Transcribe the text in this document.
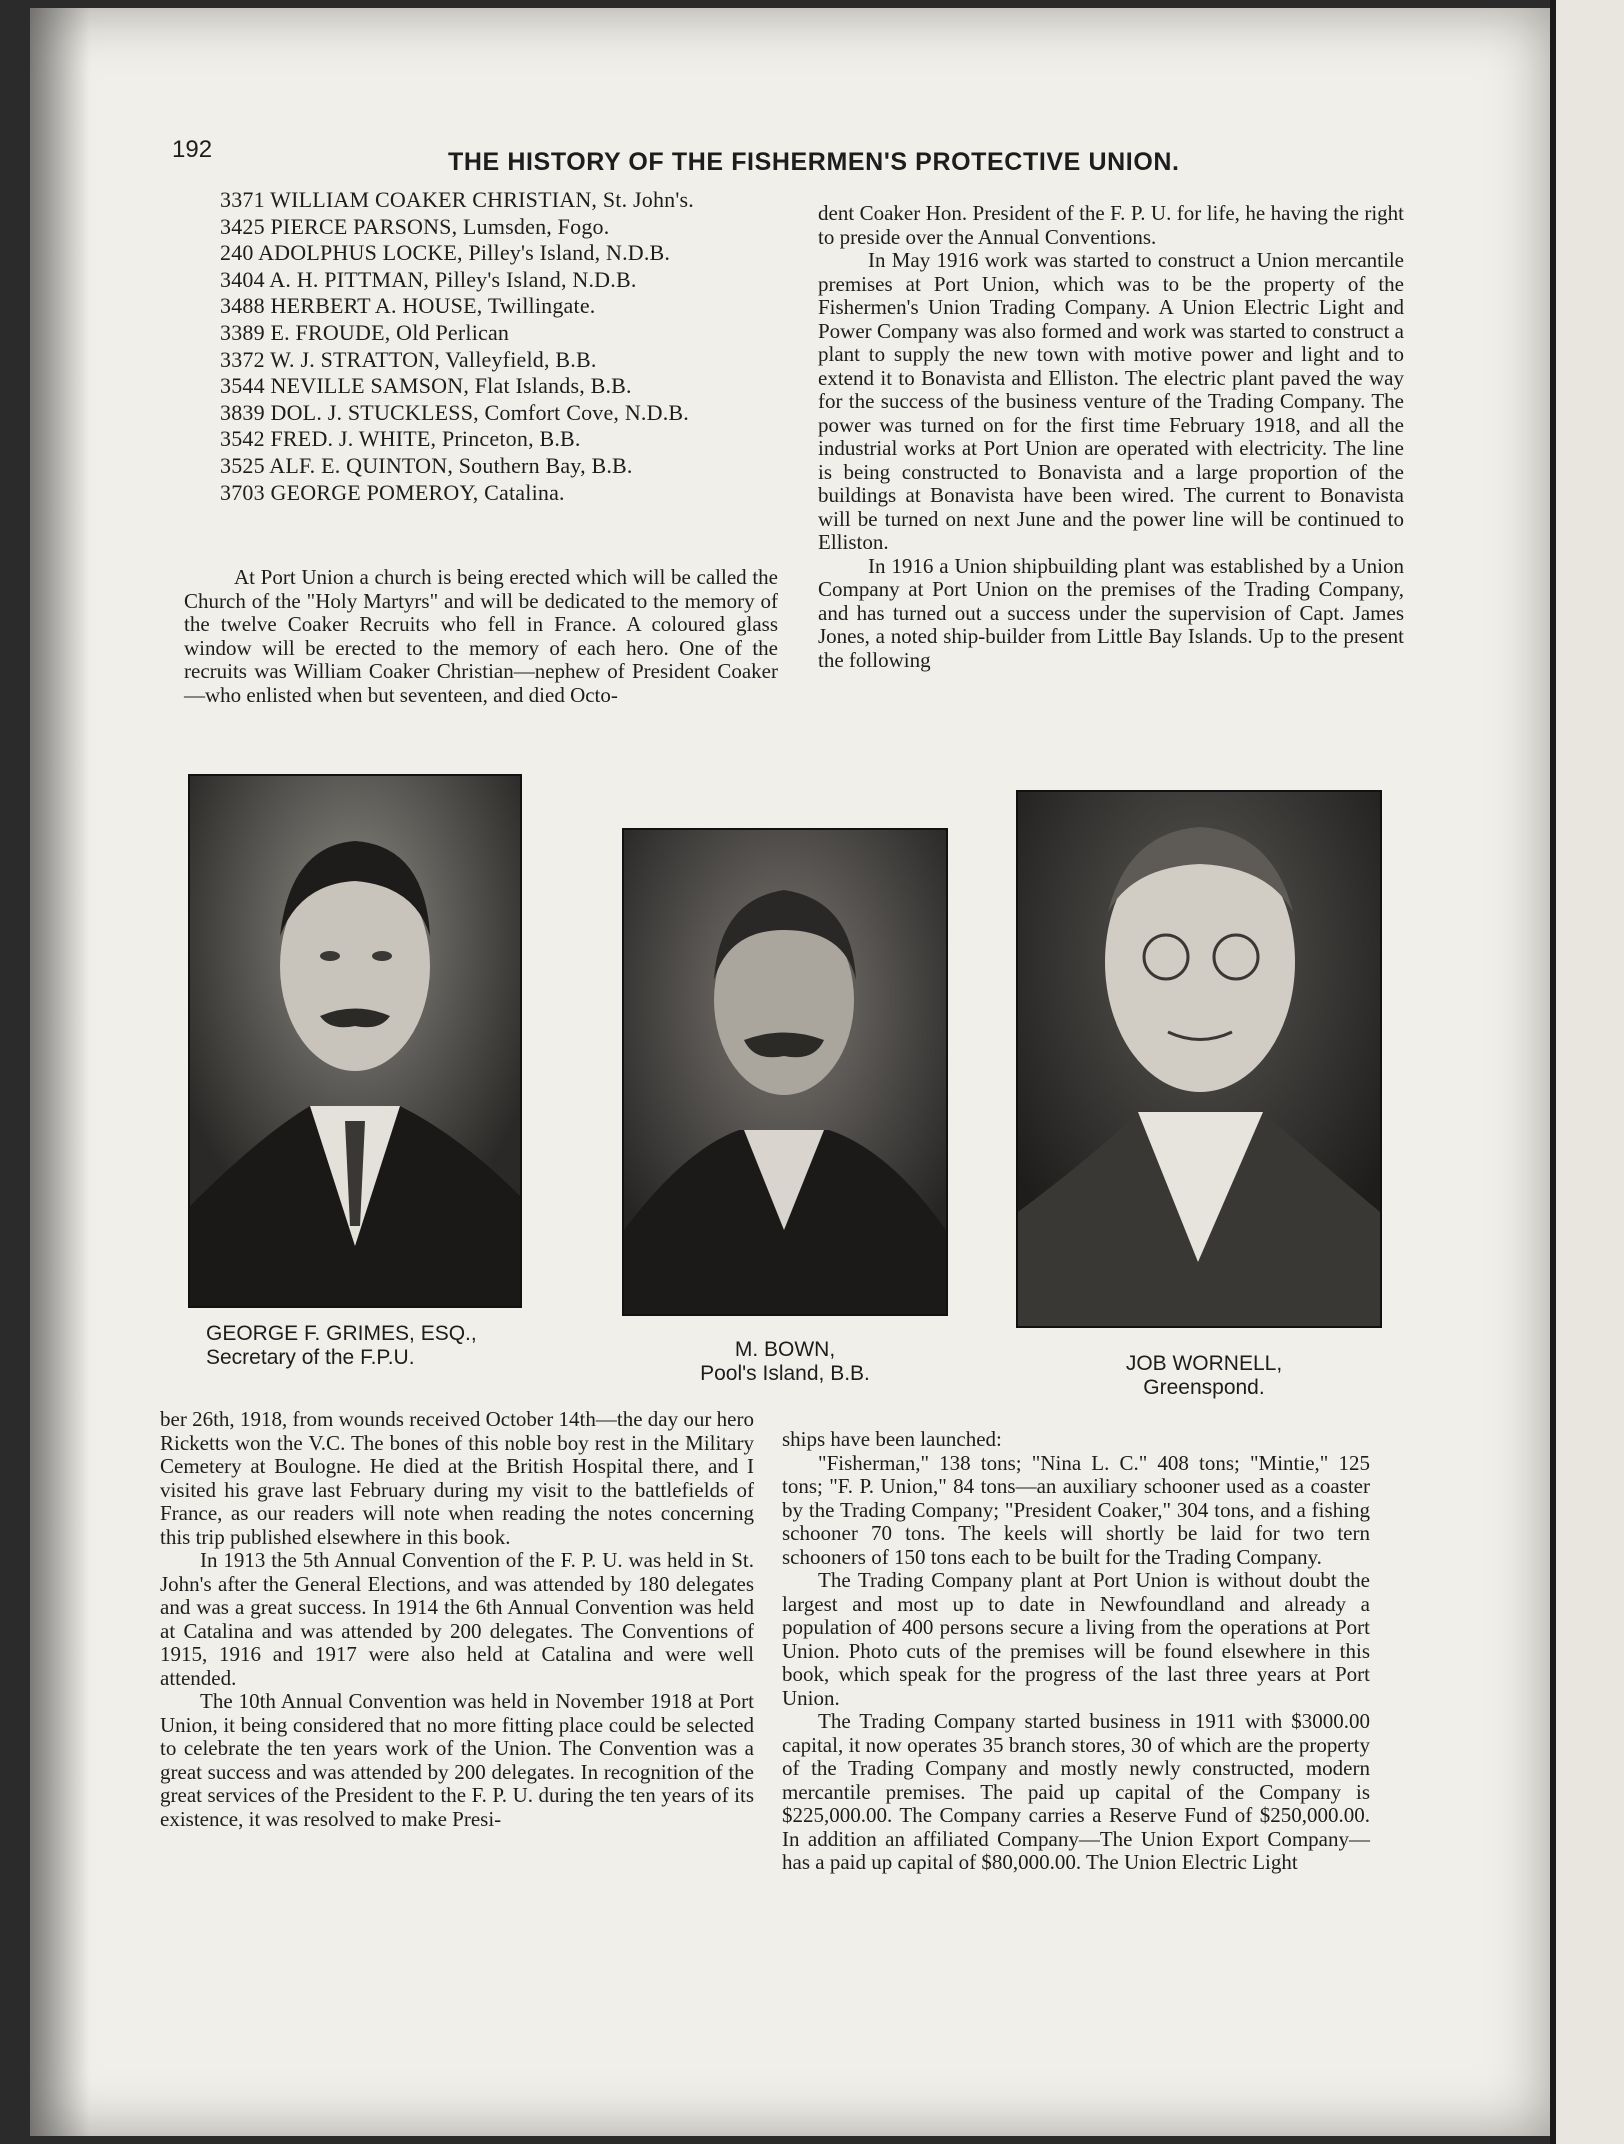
192	THE HISTORY OF THE FISHERMEN'S PROTECTIVE UNION.
3371 WILLIAM COAKER CHRISTIAN, St. John's.
3425 PIERCE PARSONS, Lumsden, Fogo.
240 ADOLPHUS LOCKE, Pilley's Island, N.D.B.
3404 A. H. PITTMAN, Pilley's Island, N.D.B.
3488 HERBERT A. HOUSE, Twillingate.
3389 E. FROUDE, Old Perlican
3372 W. J. STRATTON, Valleyfield, B.B.
3544 NEVILLE SAMSON, Flat Islands, B.B.
3839 DOL. J. STUCKLESS, Comfort Cove, N.D.B.
3542 FRED. J. WHITE, Princeton, B.B.
3525 ALF. E. QUINTON, Southern Bay, B.B.
3703 GEORGE POMEROY, Catalina.
At Port Union a church is being erected which will be called the Church of the "Holy Martyrs" and will be dedicated to the memory of the twelve Coaker Recruits who fell in France. A coloured glass window will be erected to the memory of each hero. One of the recruits was William Coaker Christian—nephew of President Coaker—who enlisted when but seventeen, and died Octo-

dent Coaker Hon. President of the F. P. U. for life, he having the right to preside over the Annual Conventions.

In May 1916 work was started to construct a Union mercantile premises at Port Union, which was to be the property of the Fishermen's Union Trading Company. A Union Electric Light and Power Company was also formed and work was started to construct a plant to supply the new town with motive power and light and to extend it to Bonavista and Elliston. The electric plant paved the way for the success of the business venture of the Trading Company. The power was turned on for the first time February 1918, and all the industrial works at Port Union are operated with electricity. The line is being constructed to Bonavista and a large proportion of the buildings at Bonavista have been wired. The current to Bonavista will be turned on next June and the power line will be continued to Elliston.

In 1916 a Union shipbuilding plant was established by a Union Company at Port Union on the premises of the Trading Company, and has turned out a success under the supervision of Capt. James Jones, a noted ship-builder from Little Bay Islands. Up to the present the following

GEORGE F. GRIMES, ESQ.,
Secretary of the F.P.U.	M. BOWN,
Pool's Island, B.B.	JOB WORNELL,
Greenspond.

ber 26th, 1918, from wounds received October 14th—the day our hero Ricketts won the V.C. The bones of this noble boy rest in the Military Cemetery at Boulogne. He died at the British Hospital there, and I visited his grave last February during my visit to the battlefields of France, as our readers will note when reading the notes concerning this trip published elsewhere in this book.

In 1913 the 5th Annual Convention of the F. P. U. was held in St. John's after the General Elections, and was attended by 180 delegates and was a great success. In 1914 the 6th Annual Convention was held at Catalina and was attended by 200 delegates. The Conventions of 1915, 1916 and 1917 were also held at Catalina and were well attended.

The 10th Annual Convention was held in November 1918 at Port Union, it being considered that no more fitting place could be selected to celebrate the ten years work of the Union. The Convention was a great success and was attended by 200 delegates. In recognition of the great services of the President to the F. P. U. during the ten years of its existence, it was resolved to make Presi-

ships have been launched:

"Fisherman," 138 tons; "Nina L. C." 408 tons; "Mintie," 125 tons; "F. P. Union," 84 tons—an auxiliary schooner used as a coaster by the Trading Company; "President Coaker," 304 tons, and a fishing schooner 70 tons. The keels will shortly be laid for two tern schooners of 150 tons each to be built for the Trading Company.

The Trading Company plant at Port Union is without doubt the largest and most up to date in Newfoundland and already a population of 400 persons secure a living from the operations at Port Union. Photo cuts of the premises will be found elsewhere in this book, which speak for the progress of the last three years at Port Union.

The Trading Company started business in 1911 with $3000.00 capital, it now operates 35 branch stores, 30 of which are the property of the Trading Company and mostly newly constructed, modern mercantile premises. The paid up capital of the Company is $225,000.00. The Company carries a Reserve Fund of $250,000.00. In addition an affiliated Company—The Union Export Company—has a paid up capital of $80,000.00. The Union Electric Light
